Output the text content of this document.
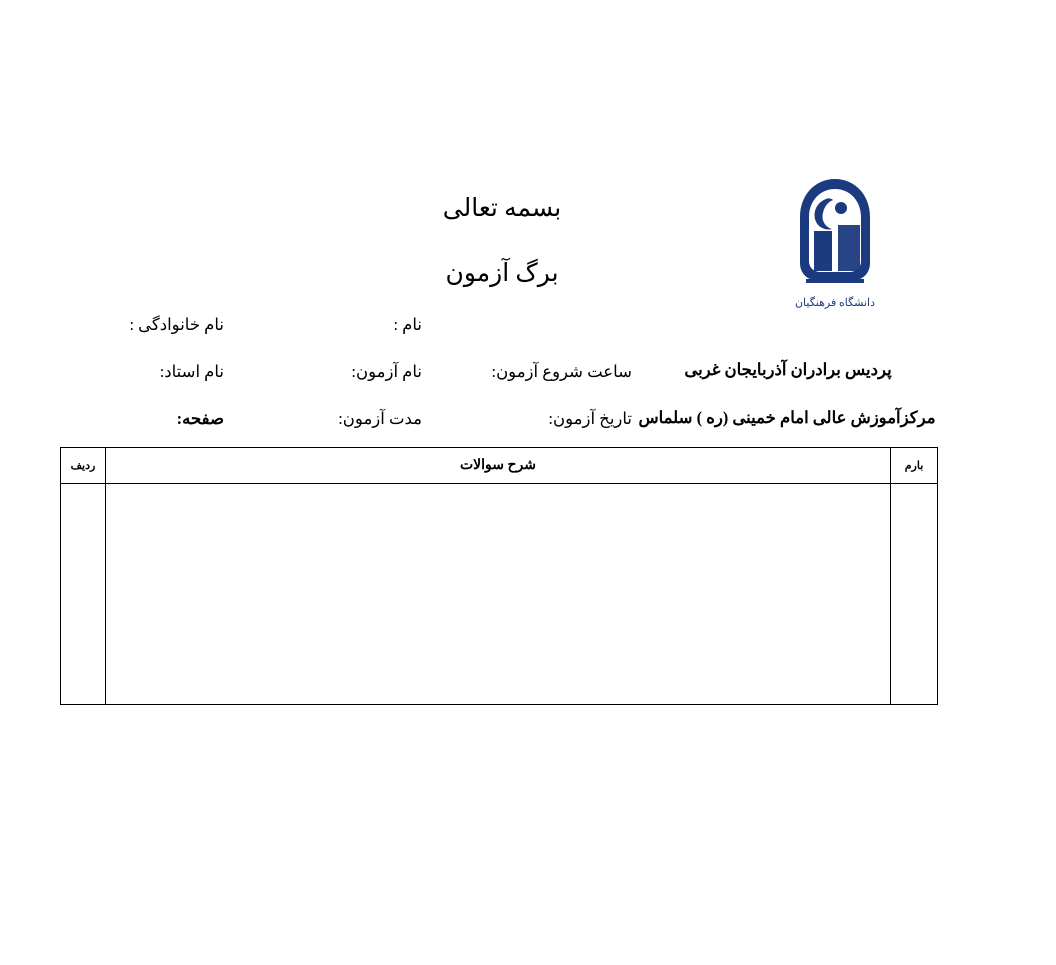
بسمه تعالی
برگ آزمون
دانشگاه فرهنگیان
پردیس برادران آذربایجان غربی
مرکزآموزش عالی امام خمینی (ره ) سلماس
نام :
نام خانوادگی :
ساعت شروع آزمون:
نام آزمون:
نام استاد:
تاریخ آزمون:
مدت آزمون:
صفحه:
بارم	شرح سوالات	ردیف
